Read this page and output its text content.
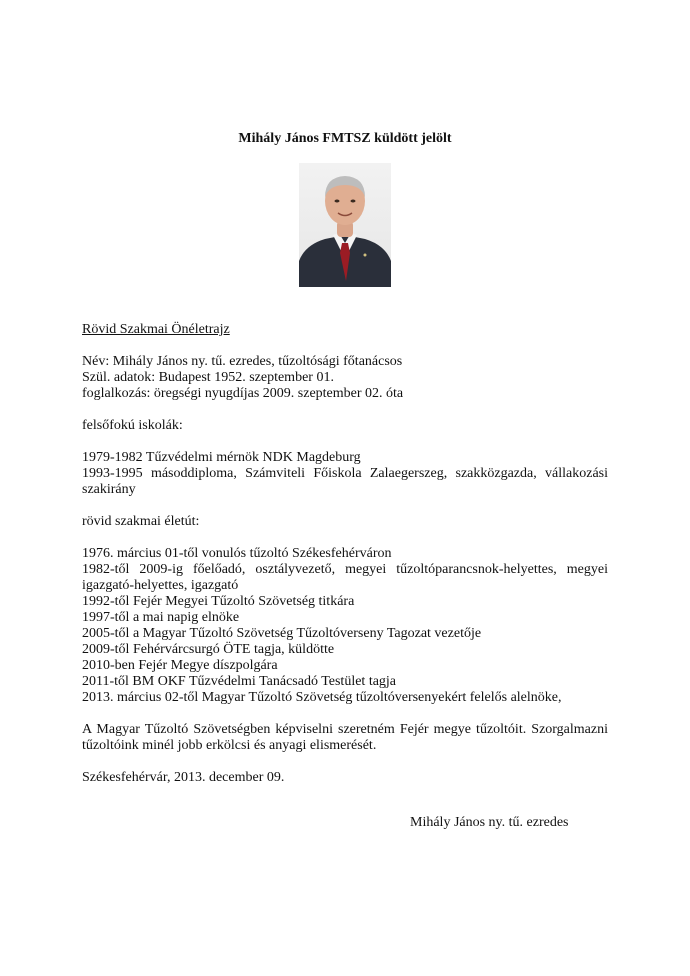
Mihály János FMTSZ küldött jelölt
Rövid Szakmai Önéletrajz

Név: Mihály János ny. tű. ezredes, tűzoltósági főtanácsos

Szül. adatok: Budapest 1952. szeptember 01.

foglalkozás: öregségi nyugdíjas 2009. szeptember 02. óta

felsőfokú iskolák:

1979-1982 Tűzvédelmi mérnök NDK Magdeburg

1993-1995 másoddiploma, Számviteli Főiskola Zalaegerszeg, szakközgazda, vállakozási szakirány

rövid szakmai életút:

1976. március 01-től vonulós tűzoltó Székesfehérváron

1982-től 2009-ig főelőadó, osztályvezető, megyei tűzoltóparancsnok-helyettes, megyei igazgató-helyettes, igazgató

1992-től Fejér Megyei Tűzoltó Szövetség titkára

1997-től a mai napig elnöke

2005-től a Magyar Tűzoltó Szövetség Tűzoltóverseny Tagozat vezetője

2009-től Fehérvárcsurgó ÖTE tagja, küldötte

2010-ben Fejér Megye díszpolgára

2011-től BM OKF Tűzvédelmi Tanácsadó Testület tagja

2013. március 02-től Magyar Tűzoltó Szövetség tűzoltóversenyekért felelős alelnöke,

A Magyar Tűzoltó Szövetségben képviselni szeretném Fejér megye tűzoltóit. Szorgalmazni tűzoltóink minél jobb erkölcsi és anyagi elismerését.
Székesfehérvár, 2013. december 09.
Mihály János ny. tű. ezredes
